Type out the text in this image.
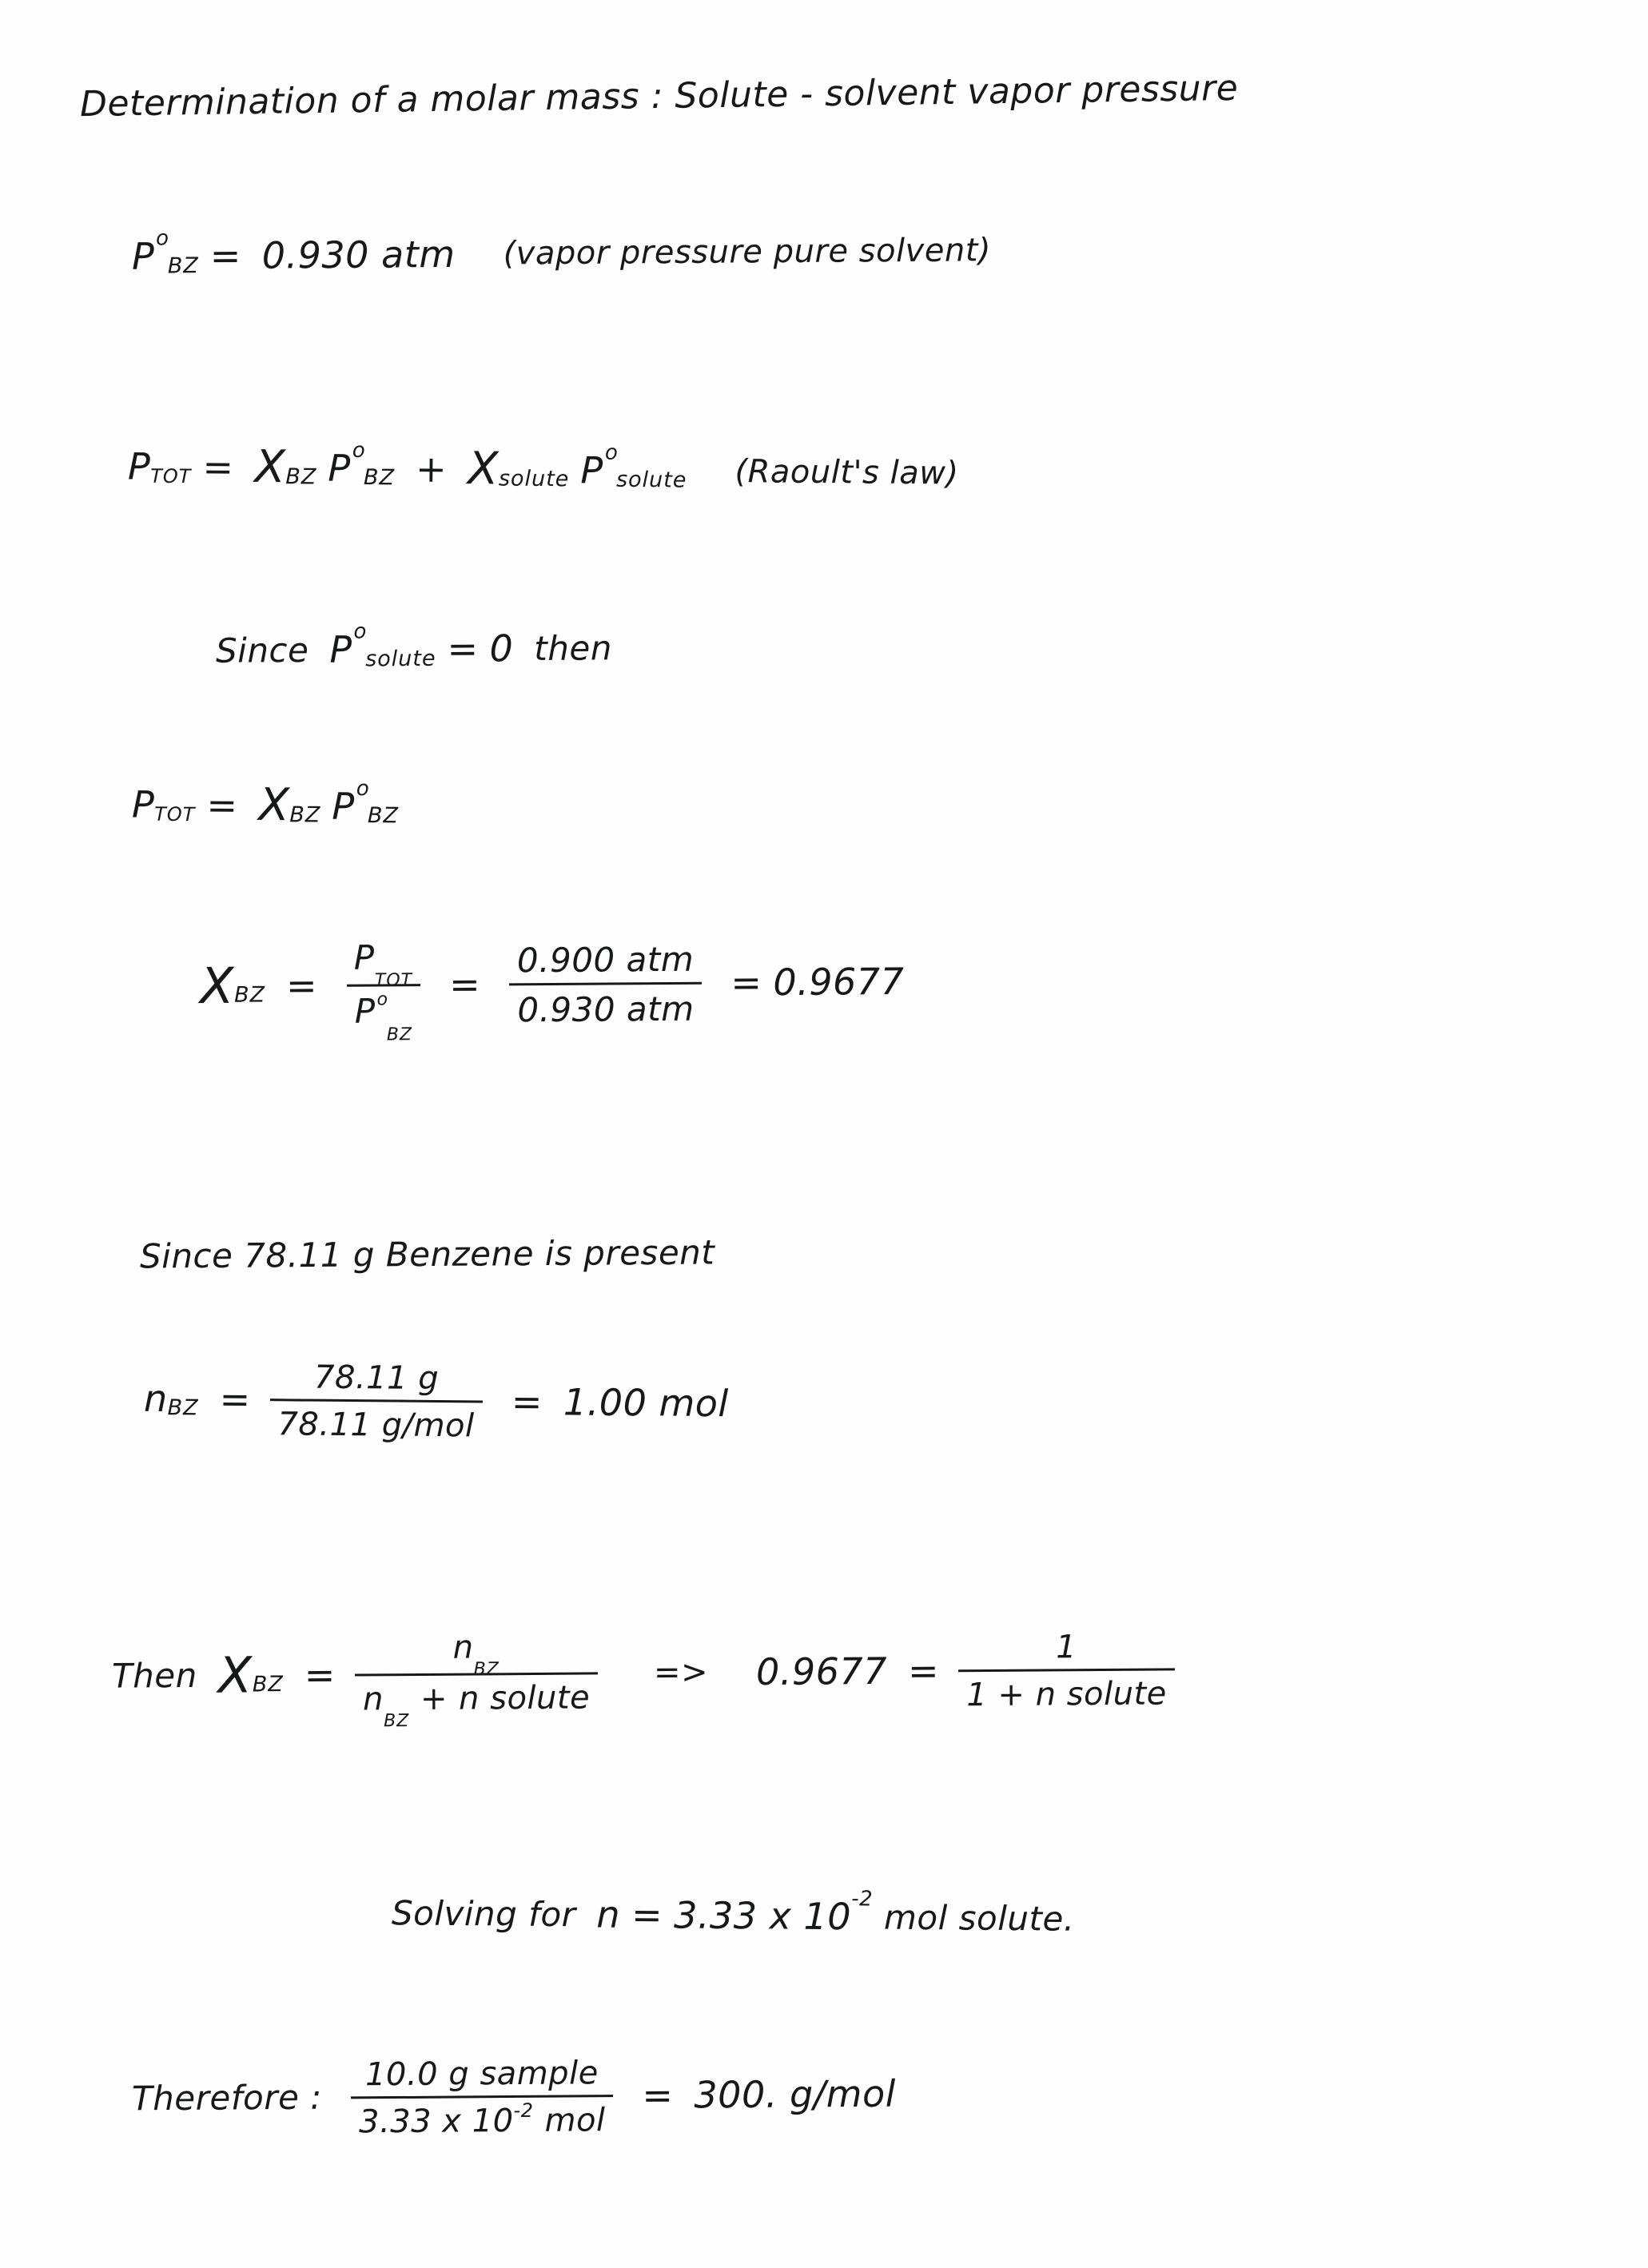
Determination of a molar mass : Solute - solvent vapor pressure
P o
BZ = 0.930 atm (vapor pressure pure solvent)
P TOT = X BZ P o
BZ + X solute P o
solute (Raoult's law)
Since P o
solute = 0 then
P TOT = X BZ P o
BZ
X BZ = $\frac{P_{TOT}}{P^o_{BZ}} = \frac{\text{0.900 atm}}{\text{0.930 atm}} = 0.9677$
Since 78.11 g Benzene is present
n BZ = $\frac{78.11 g}{\text{78.11 g/mol}} = 1.00$ mol
Then X BZ = $\frac{n_{BZ}}{n_{BZ}+ n solute} => 0.9677 = \frac{1}{\text{1 + n solute}}$
Solving for n = 3.33 x 10 -2 mol solute.
Therefore : $\frac{\text{10.0 g sample}}{3.33 x 10^{-2} mol} = 300$. g/mol
